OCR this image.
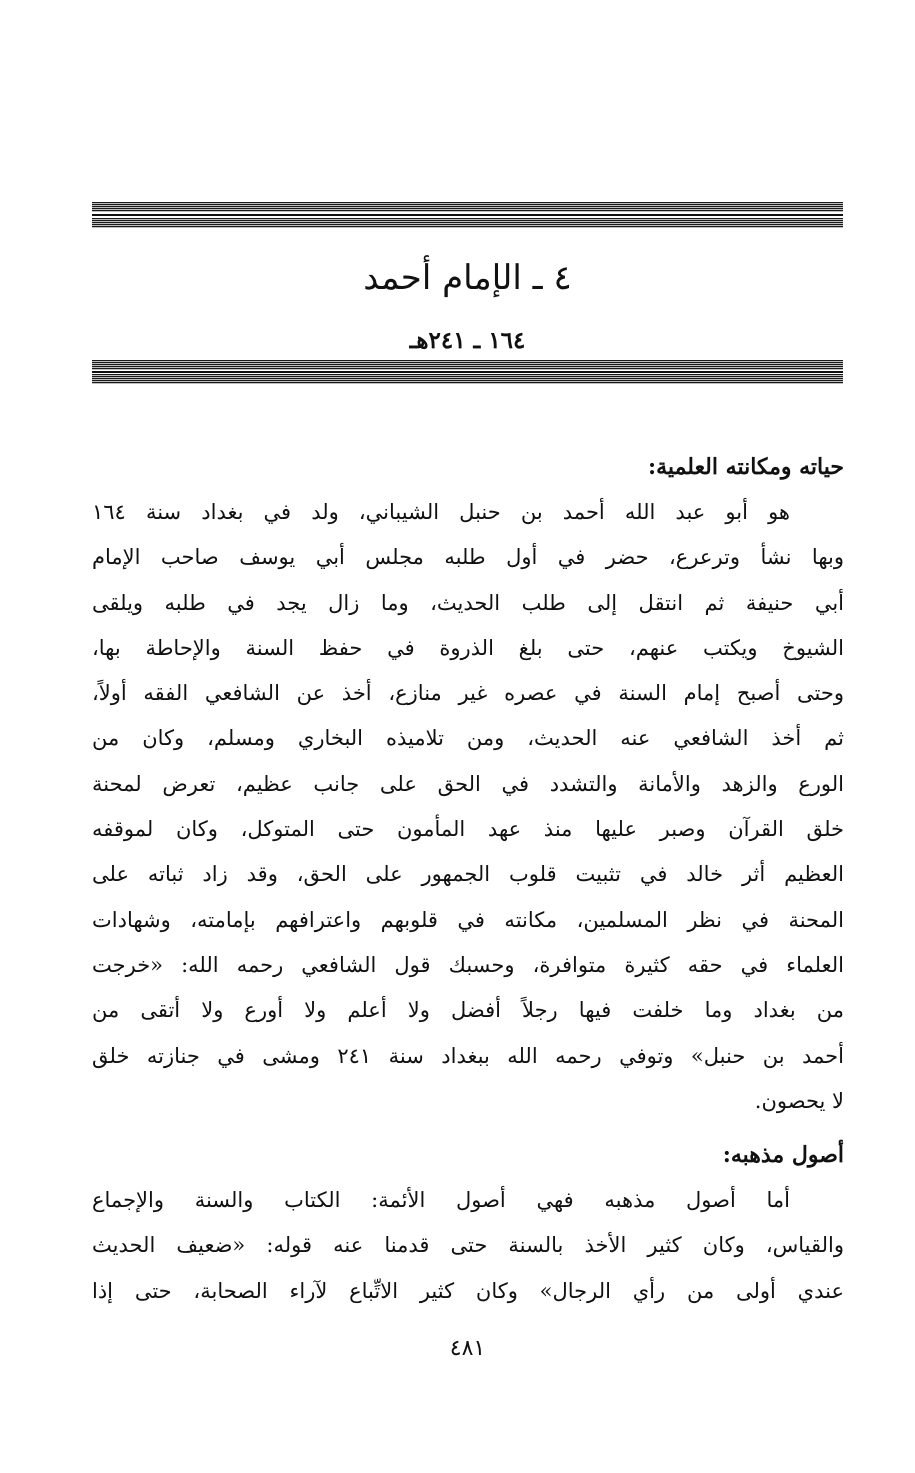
٤ ـ الإمام أحمد
١٦٤ ـ ٢٤١هـ
حياته ومكانته العلمية:
هو أبو عبد الله أحمد بن حنبل الشيباني، ولد في بغداد سنة ١٦٤
وبها نشأ وترعرع، حضر في أول طلبه مجلس أبي يوسف صاحب الإمام
أبي حنيفة ثم انتقل إلى طلب الحديث، وما زال يجد في طلبه ويلقى
الشيوخ ويكتب عنهم، حتى بلغ الذروة في حفظ السنة والإحاطة بها،
وحتى أصبح إمام السنة في عصره غير منازع، أخذ عن الشافعي الفقه أولاً،
ثم أخذ الشافعي عنه الحديث، ومن تلاميذه البخاري ومسلم، وكان من
الورع والزهد والأمانة والتشدد في الحق على جانب عظيم، تعرض لمحنة
خلق القرآن وصبر عليها منذ عهد المأمون حتى المتوكل، وكان لموقفه
العظيم أثر خالد في تثبيت قلوب الجمهور على الحق، وقد زاد ثباته على
المحنة في نظر المسلمين، مكانته في قلوبهم واعترافهم بإمامته، وشهادات
العلماء في حقه كثيرة متوافرة، وحسبك قول الشافعي رحمه الله: «خرجت
من بغداد وما خلفت فيها رجلاً أفضل ولا أعلم ولا أورع ولا أتقى من
أحمد بن حنبل» وتوفي رحمه الله ببغداد سنة ٢٤١ ومشى في جنازته خلق
لا يحصون.
أصول مذهبه:
أما أصول مذهبه فهي أصول الأئمة: الكتاب والسنة والإجماع
والقياس، وكان كثير الأخذ بالسنة حتى قدمنا عنه قوله: «ضعيف الحديث
عندي أولى من رأي الرجال» وكان كثير الاتِّباع لآراء الصحابة، حتى إذا
٤٨١
